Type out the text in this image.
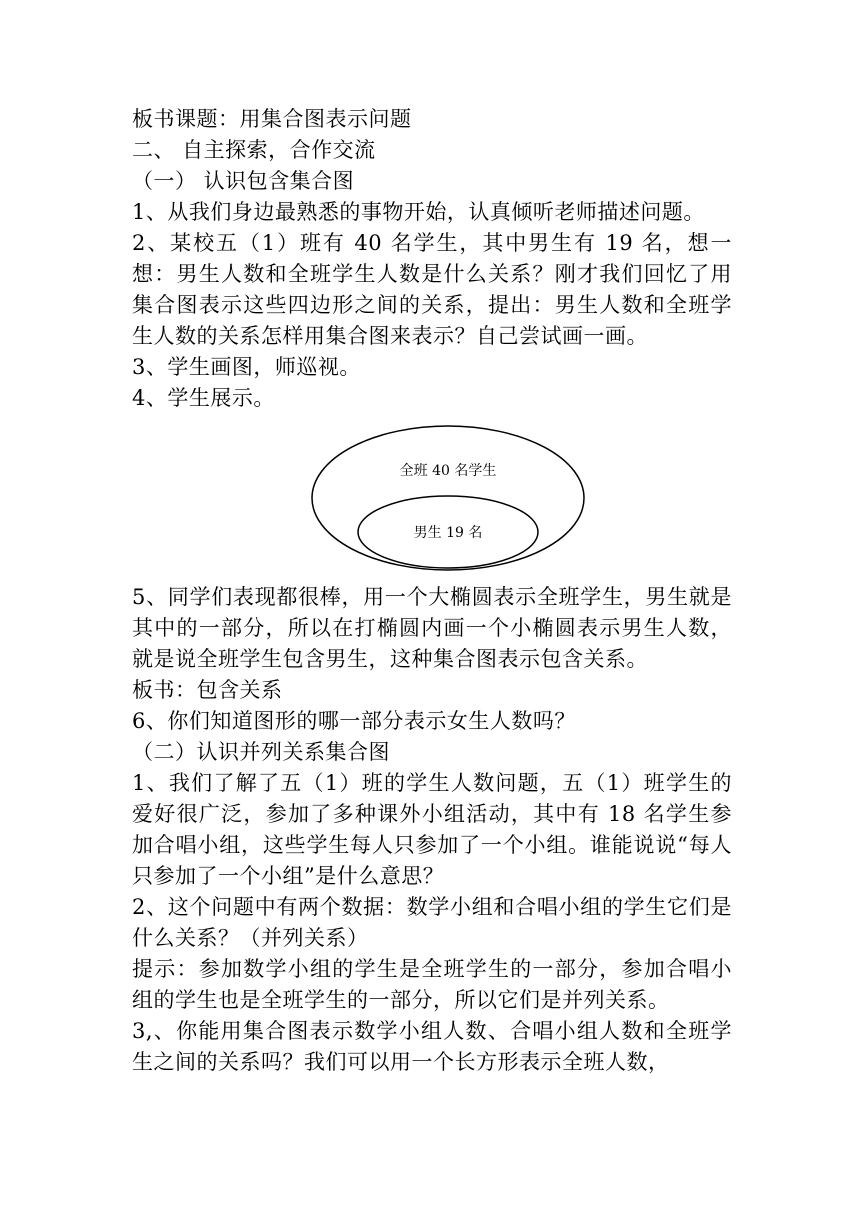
板书课题：用集合图表示问题
二、 自主探索，合作交流
（一） 认识包含集合图
1、从我们身边最熟悉的事物开始，认真倾听老师描述问题。
2、某校五（1）班有 40 名学生，其中男生有 19 名，想一想：男生人数和全班学生人数是什么关系？刚才我们回忆了用集合图表示这些四边形之间的关系，提出：男生人数和全班学生人数的关系怎样用集合图来表示？自己尝试画一画。
3、学生画图，师巡视。
4、学生展示。
全班 40 名学生
男生 19 名
5、同学们表现都很棒，用一个大椭圆表示全班学生，男生就是其中的一部分，所以在打椭圆内画一个小椭圆表示男生人数，就是说全班学生包含男生，这种集合图表示包含关系。
板书：包含关系
6、你们知道图形的哪一部分表示女生人数吗？
（二）认识并列关系集合图
1、我们了解了五（1）班的学生人数问题，五（1）班学生的爱好很广泛，参加了多种课外小组活动，其中有 18 名学生参加合唱小组，这些学生每人只参加了一个小组。谁能说说“每人只参加了一个小组”是什么意思？
2、这个问题中有两个数据：数学小组和合唱小组的学生它们是什么关系？（并列关系）
提示：参加数学小组的学生是全班学生的一部分，参加合唱小组的学生也是全班学生的一部分，所以它们是并列关系。
3,、你能用集合图表示数学小组人数、合唱小组人数和全班学生之间的关系吗？我们可以用一个长方形表示全班人数，
